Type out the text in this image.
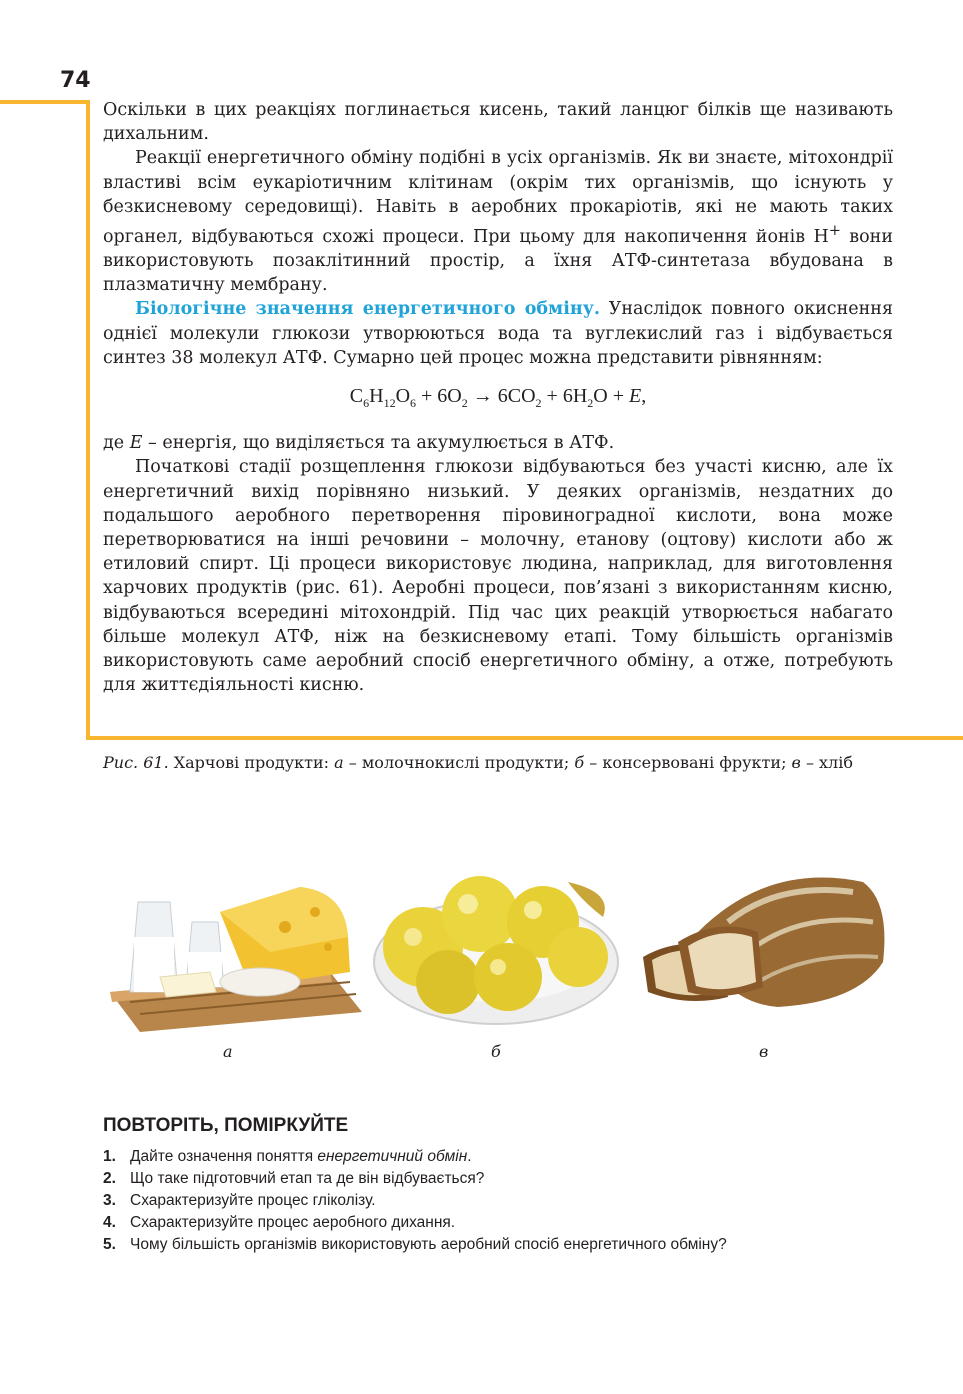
74

Оскільки в цих реакціях поглинається кисень, такий ланцюг білків ще називають дихальним.

Реакції енергетичного обміну подібні в усіх організмів. Як ви знаєте, мітохондрії властиві всім еукаріотичним клітинам (окрім тих організмів, що існують у безкисневому середовищі). Навіть в аеробних прокаріотів, які не мають таких органел, відбуваються схожі процеси. При цьому для накопичення йонів H+ вони використовують позаклітинний простір, а їхня АТФ-синтетаза вбудована в плазматичну мембрану.

Біологічне значення енергетичного обміну. Унаслідок повного окиснення однієї молекули глюкози утворюються вода та вуглекислий газ і відбувається синтез 38 молекул АТФ. Сумарно цей процес можна представити рівнянням:

$C_6H_{12}O_6 + 6O_2 \to 6CO_2 + 6H_2O + E$,

де E – енергія, що виділяється та акумулюється в АТФ.

Початкові стадії розщеплення глюкози відбуваються без участі кисню, але їх енергетичний вихід порівняно низький. У деяких організмів, нездатних до подальшого аеробного перетворення піровиноградної кислоти, вона може перетворюватися на інші речовини – молочну, етанову (оцтову) кислоти або ж етиловий спирт. Ці процеси використовує людина, наприклад, для виготовлення харчових продуктів (рис. 61). Аеробні процеси, пов’язані з використанням кисню, відбуваються всередині мітохондрій. Під час цих реакцій утворюється набагато більше молекул АТФ, ніж на безкисневому етапі. Тому більшість організмів використовують саме аеробний спосіб енергетичного обміну, а отже, потребують для життєдіяльності кисню.

Рис. 61. Харчові продукти: а – молочнокислі продукти; б – консервовані фрукти; в – хліб
а	б	в
ПОВТОРІТЬ, ПОМІРКУЙТЕ
1. Дайте означення поняття енергетичний обмін.
2. Що таке підготовчий етап та де він відбувається?
3. Схарактеризуйте процес гліколізу.
4. Схарактеризуйте процес аеробного дихання.
5. Чому більшість організмів використовують аеробний спосіб енергетичного обміну?
